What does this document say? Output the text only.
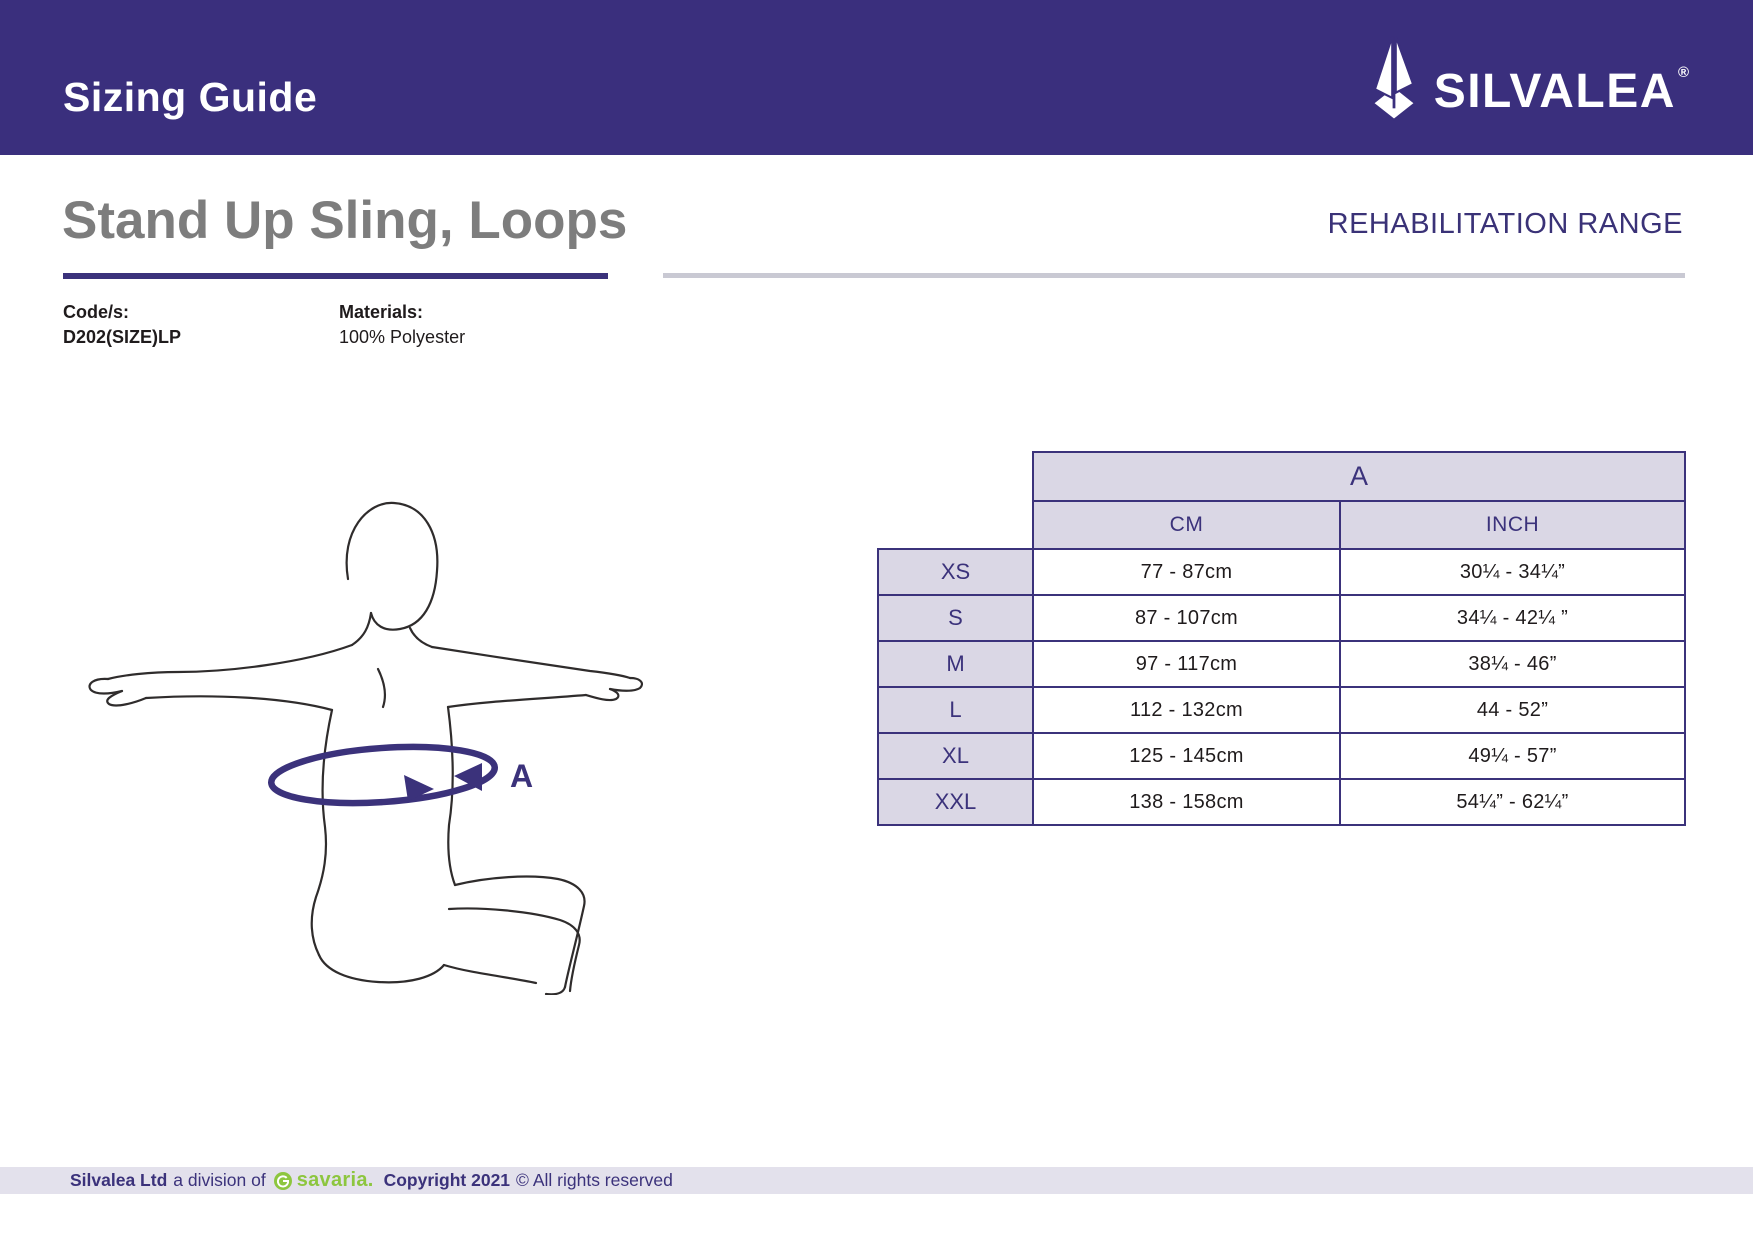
Sizing Guide	SILVALEA ®
Stand Up Sling, Loops	REHABILITATION RANGE
Code/s:
D202(SIZE)LP
Materials:
100% Polyester
A
	A	
	CM	INCH
XS	77 - 87cm	30¼ - 34¼”
S	87 - 107cm	34¼ - 42¼ ”
M	97 - 117cm	38¼ - 46”
L	112 - 132cm	44 - 52”
XL	125 - 145cm	49¼ - 57”
XXL	138 - 158cm	54¼” - 62¼”
Silvalea Ltd a division of savaria. Copyright 2021 © All rights reserved
